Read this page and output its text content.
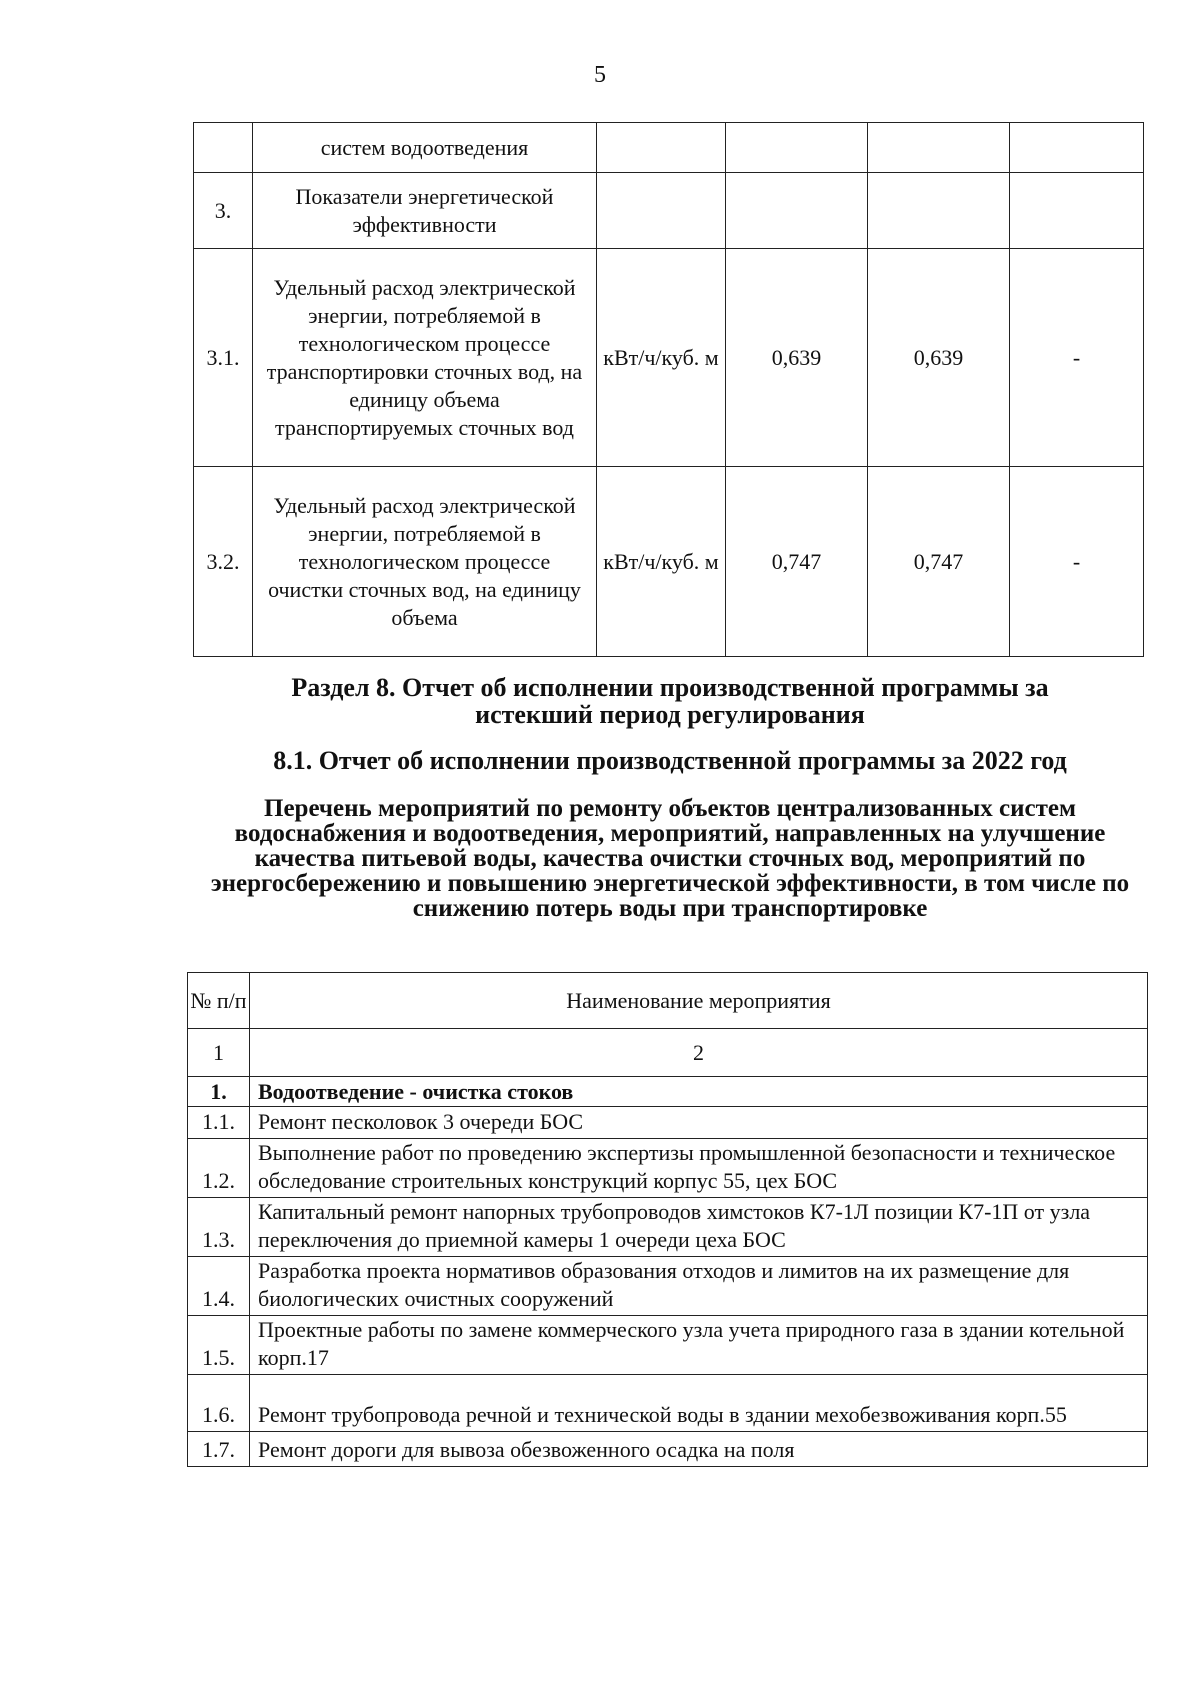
5
	систем водоотведения				
3.	Показатели энергетической эффективности				
3.1.	Удельный расход электрической энергии, потребляемой в технологическом процессе транспортировки сточных вод, на единицу объема транспортируемых сточных вод	кВт/ч/куб. м	0,639	0,639	-
3.2.	Удельный расход электрической энергии, потребляемой в технологическом процессе очистки сточных вод, на единицу объема	кВт/ч/куб. м	0,747	0,747	-
Раздел 8. Отчет об исполнении производственной программы за истекший период регулирования
8.1. Отчет об исполнении производственной программы за 2022 год
Перечень мероприятий по ремонту объектов централизованных систем водоснабжения и водоотведения, мероприятий, направленных на улучшение качества питьевой воды, качества очистки сточных вод, мероприятий по энергосбережению и повышению энергетической эффективности, в том числе по снижению потерь воды при транспортировке
№ п/п	Наименование мероприятия
1	2
1.	Водоотведение - очистка стоков
1.1.	Ремонт песколовок 3 очереди БОС
1.2.	Выполнение работ по проведению экспертизы промышленной безопасности и техническое обследование строительных конструкций корпус 55, цех БОС
1.3.	Капитальный ремонт напорных трубопроводов химстоков К7-1Л позиции К7-1П от узла переключения до приемной камеры 1 очереди цеха БОС
1.4.	Разработка проекта нормативов образования отходов и лимитов на их размещение для биологических очистных сооружений
1.5.	Проектные работы по замене коммерческого узла учета природного газа в здании котельной корп.17
1.6.	Ремонт трубопровода речной и технической воды в здании мехобезвоживания корп.55
1.7.	Ремонт дороги для вывоза обезвоженного осадка на поля
